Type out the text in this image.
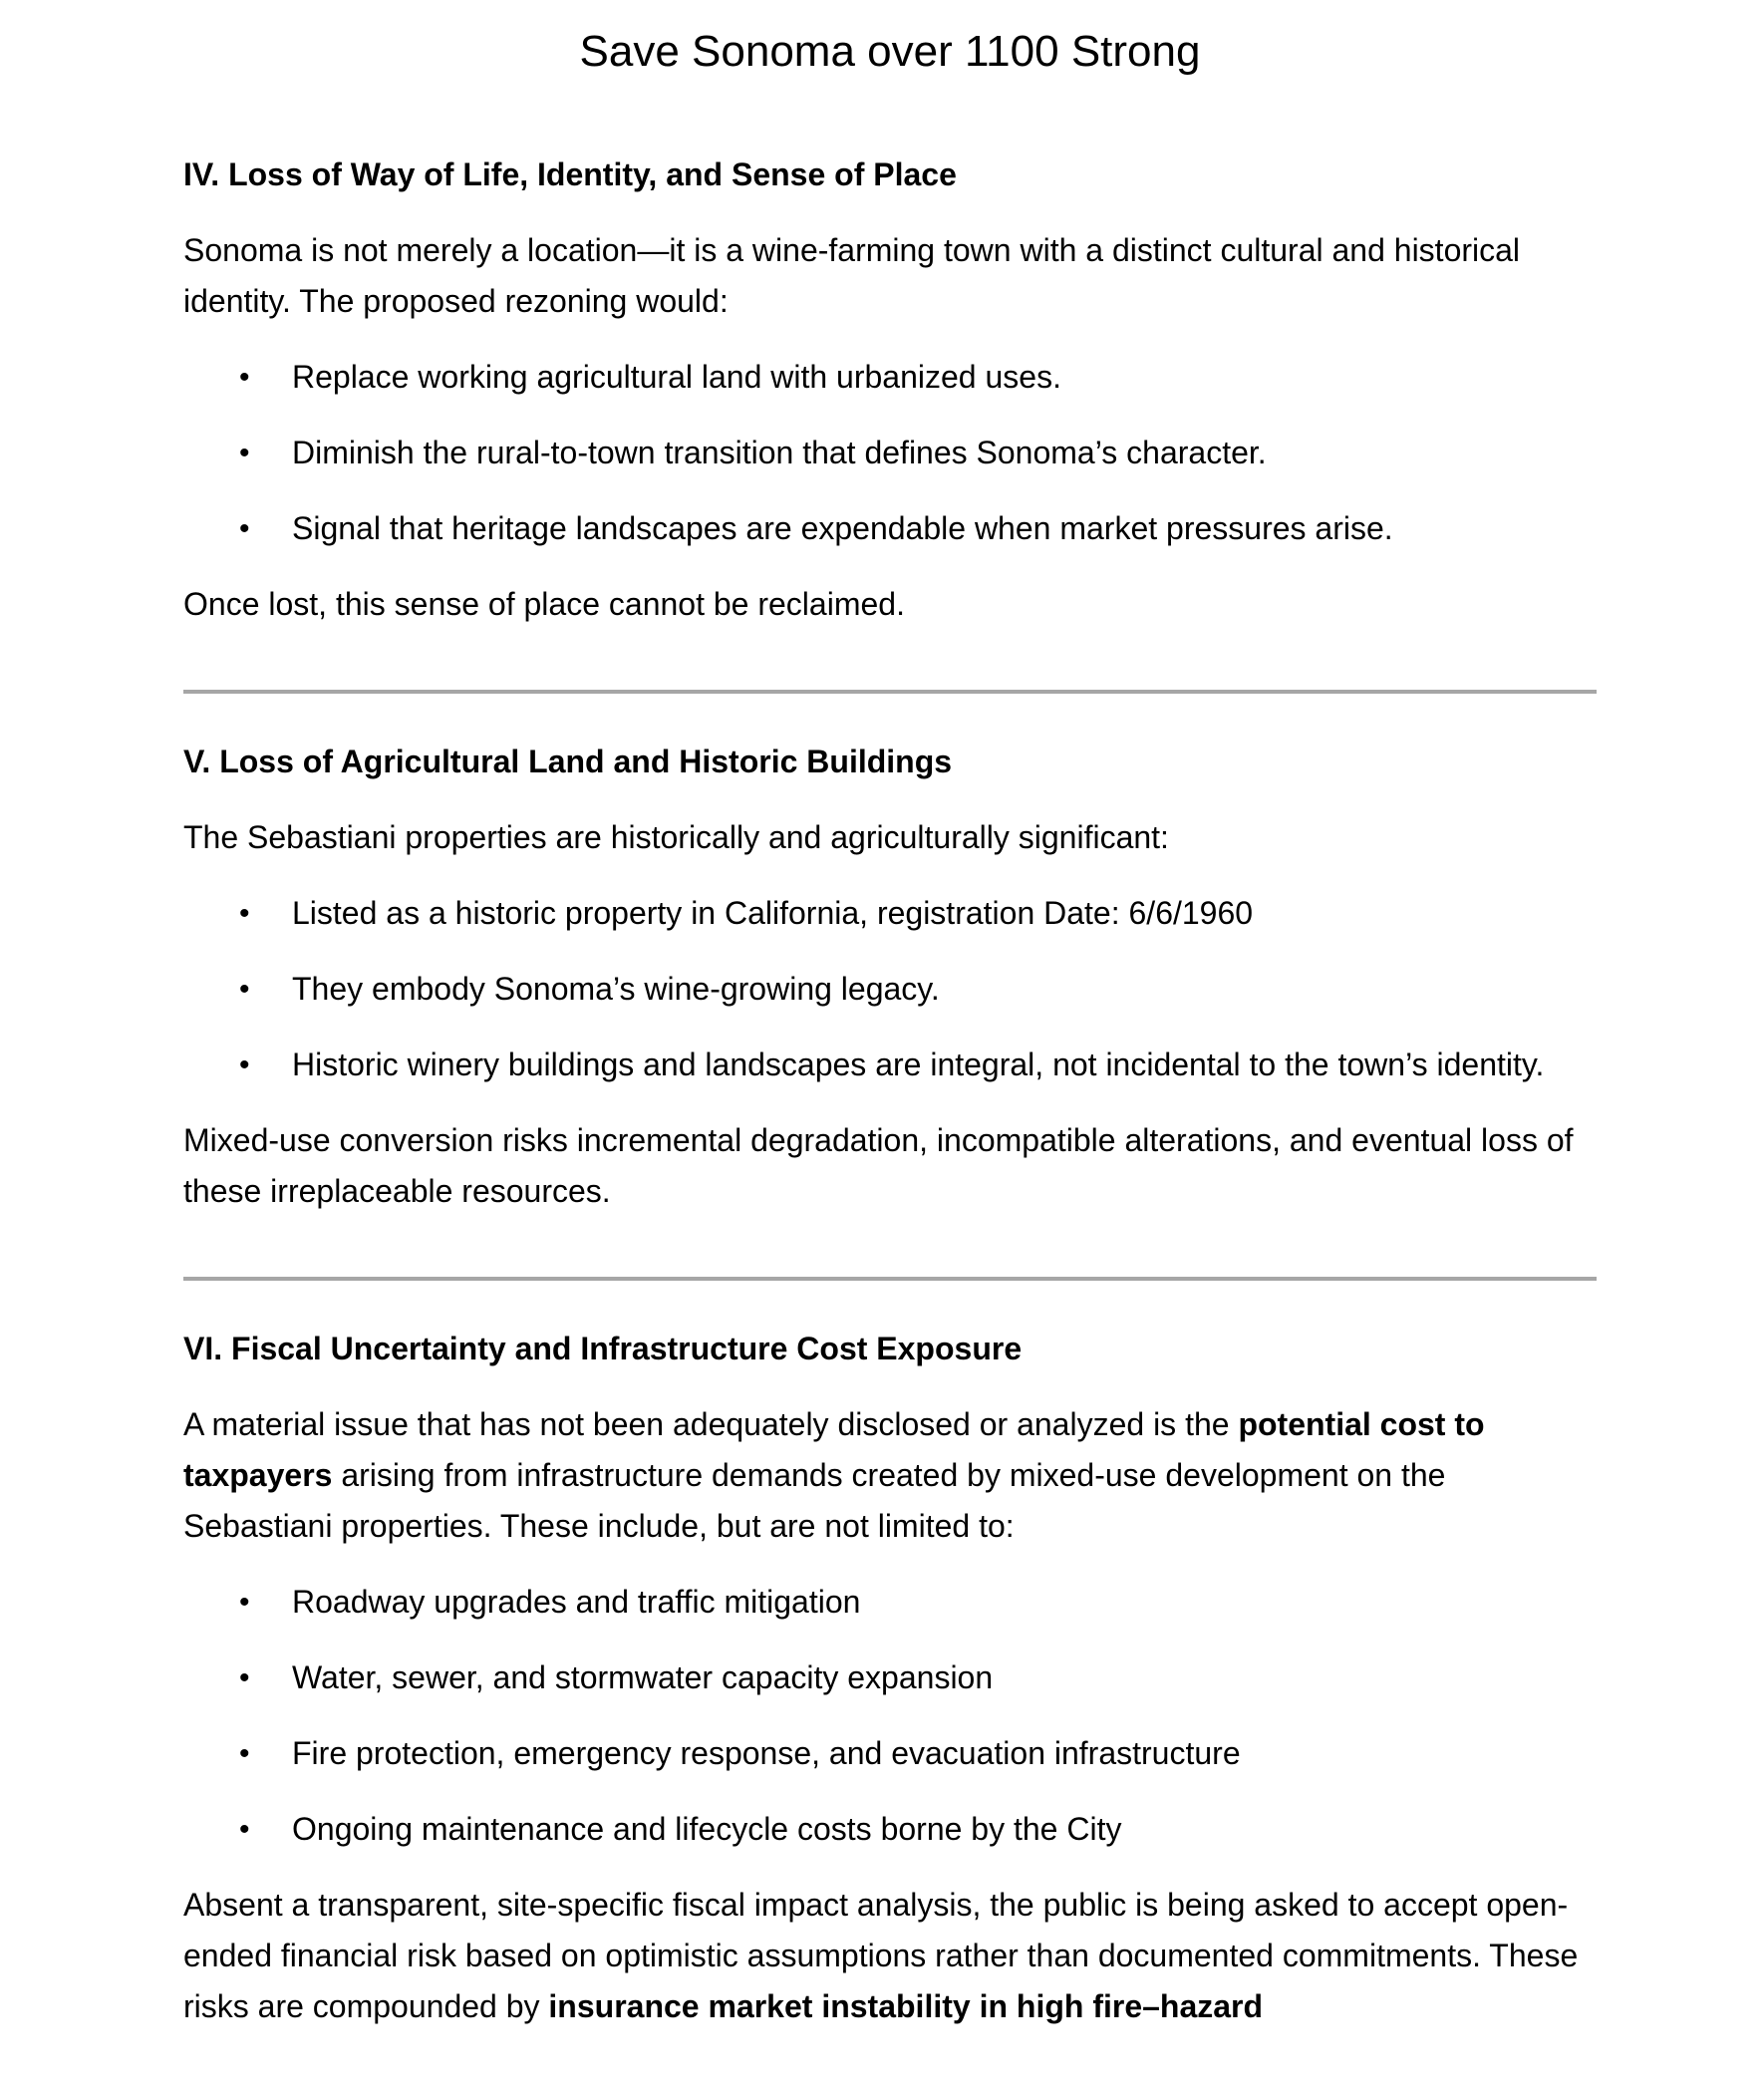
Save Sonoma over 1100 Strong
IV. Loss of Way of Life, Identity, and Sense of Place

Sonoma is not merely a location—it is a wine-farming town with a distinct cultural and historical identity. The proposed rezoning would:

• Replace working agricultural land with urbanized uses.
• Diminish the rural-to-town transition that defines Sonoma’s character.
• Signal that heritage landscapes are expendable when market pressures arise.

Once lost, this sense of place cannot be reclaimed.

V. Loss of Agricultural Land and Historic Buildings

The Sebastiani properties are historically and agriculturally significant:

• Listed as a historic property in California, registration Date: 6/6/1960
• They embody Sonoma’s wine-growing legacy.
• Historic winery buildings and landscapes are integral, not incidental to the town’s identity.

Mixed-use conversion risks incremental degradation, incompatible alterations, and eventual loss of these irreplaceable resources.

VI. Fiscal Uncertainty and Infrastructure Cost Exposure

A material issue that has not been adequately disclosed or analyzed is the potential cost to taxpayers arising from infrastructure demands created by mixed-use development on the Sebastiani properties. These include, but are not limited to:

• Roadway upgrades and traffic mitigation
• Water, sewer, and stormwater capacity expansion
• Fire protection, emergency response, and evacuation infrastructure
• Ongoing maintenance and lifecycle costs borne by the City

Absent a transparent, site-specific fiscal impact analysis, the public is being asked to accept open-ended financial risk based on optimistic assumptions rather than documented commitments. These risks are compounded by insurance market instability in high fire–hazard
